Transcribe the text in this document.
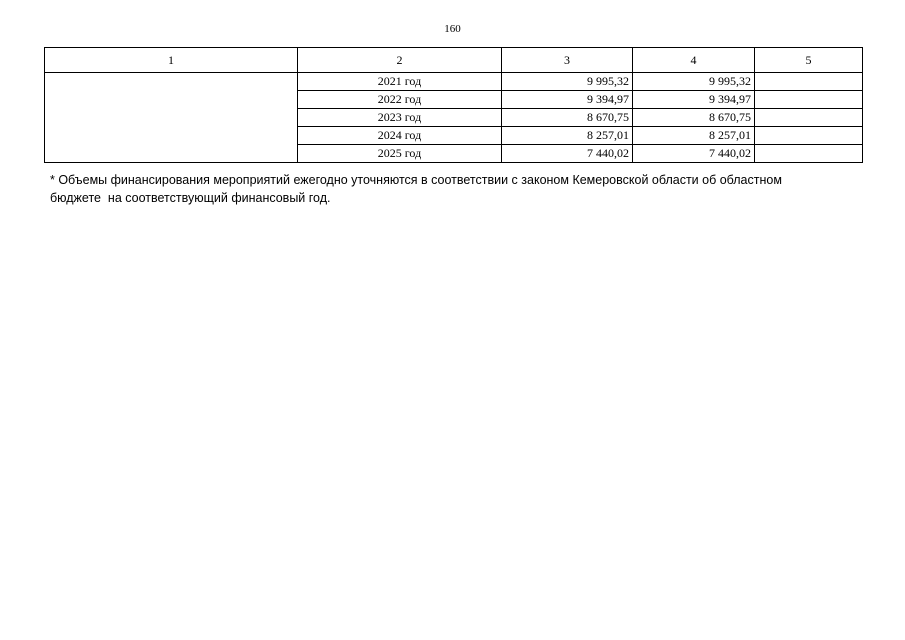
160
1	2	3	4	5
	2021 год	9 995,32	9 995,32	
	2022 год	9 394,97	9 394,97	
	2023 год	8 670,75	8 670,75	
	2024 год	8 257,01	8 257,01	
	2025 год	7 440,02	7 440,02	
* Объемы финансирования мероприятий ежегодно уточняются в соответствии с законом Кемеровской области об областном
бюджете  на соответствующий финансовый год.
